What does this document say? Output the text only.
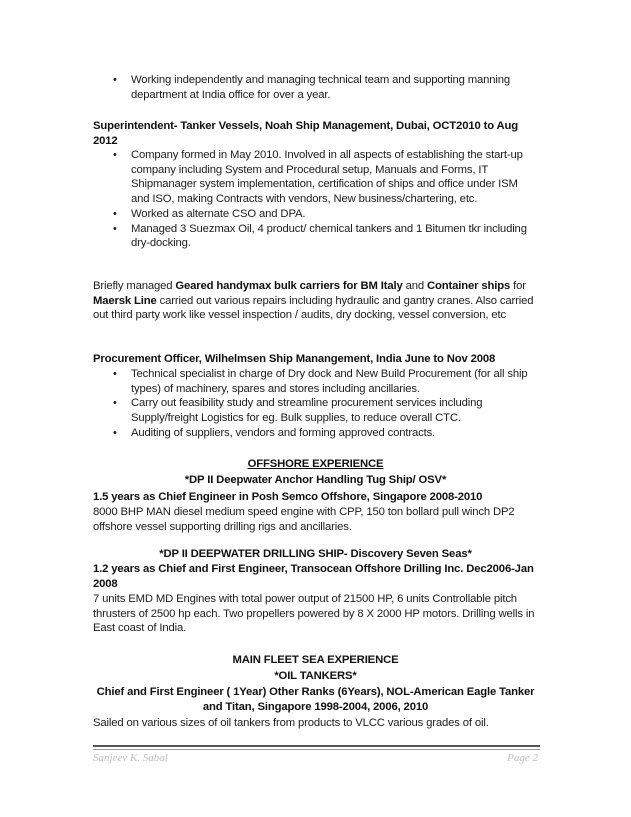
• Working independently and managing technical team and supporting manning department at India office for over a year.
Superintendent- Tanker Vessels, Noah Ship Management, Dubai, OCT2010 to Aug 2012
• Company formed in May 2010. Involved in all aspects of establishing the start-up company including System and Procedural setup, Manuals and Forms, IT Shipmanager system implementation, certification of ships and office under ISM and ISO, making Contracts with vendors, New business/chartering, etc.
• Worked as alternate CSO and DPA.
• Managed 3 Suezmax Oil, 4 product/ chemical tankers and 1 Bitumen tkr including dry-docking.
Briefly managed Geared handymax bulk carriers for BM Italy and Container ships for Maersk Line carried out various repairs including hydraulic and gantry cranes. Also carried out third party work like vessel inspection / audits, dry docking, vessel conversion, etc
Procurement Officer, Wilhelmsen Ship Manangement, India June to Nov 2008
• Technical specialist in charge of Dry dock and New Build Procurement (for all ship types) of machinery, spares and stores including ancillaries.
• Carry out feasibility study and streamline procurement services including Supply/freight Logistics for eg. Bulk supplies, to reduce overall CTC.
• Auditing of suppliers, vendors and forming approved contracts.
OFFSHORE EXPERIENCE
*DP II Deepwater Anchor Handling Tug Ship/ OSV*
1.5 years as Chief Engineer in Posh Semco Offshore, Singapore 2008-2010
8000 BHP MAN diesel medium speed engine with CPP, 150 ton bollard pull winch DP2 offshore vessel supporting drilling rigs and ancillaries.
*DP II DEEPWATER DRILLING SHIP- Discovery Seven Seas*
1.2 years as Chief and First Engineer, Transocean Offshore Drilling Inc. Dec2006-Jan 2008
7 units EMD MD Engines with total power output of 21500 HP, 6 units Controllable pitch thrusters of 2500 hp each. Two propellers powered by 8 X 2000 HP motors. Drilling wells in East coast of India.
MAIN FLEET SEA EXPERIENCE
*OIL TANKERS*
Chief and First Engineer ( 1Year) Other Ranks (6Years), NOL-American Eagle Tanker and Titan, Singapore 1998-2004, 2006, 2010
Sailed on various sizes of oil tankers from products to VLCC various grades of oil.
Sanjeev K. Sabal	Page 2
